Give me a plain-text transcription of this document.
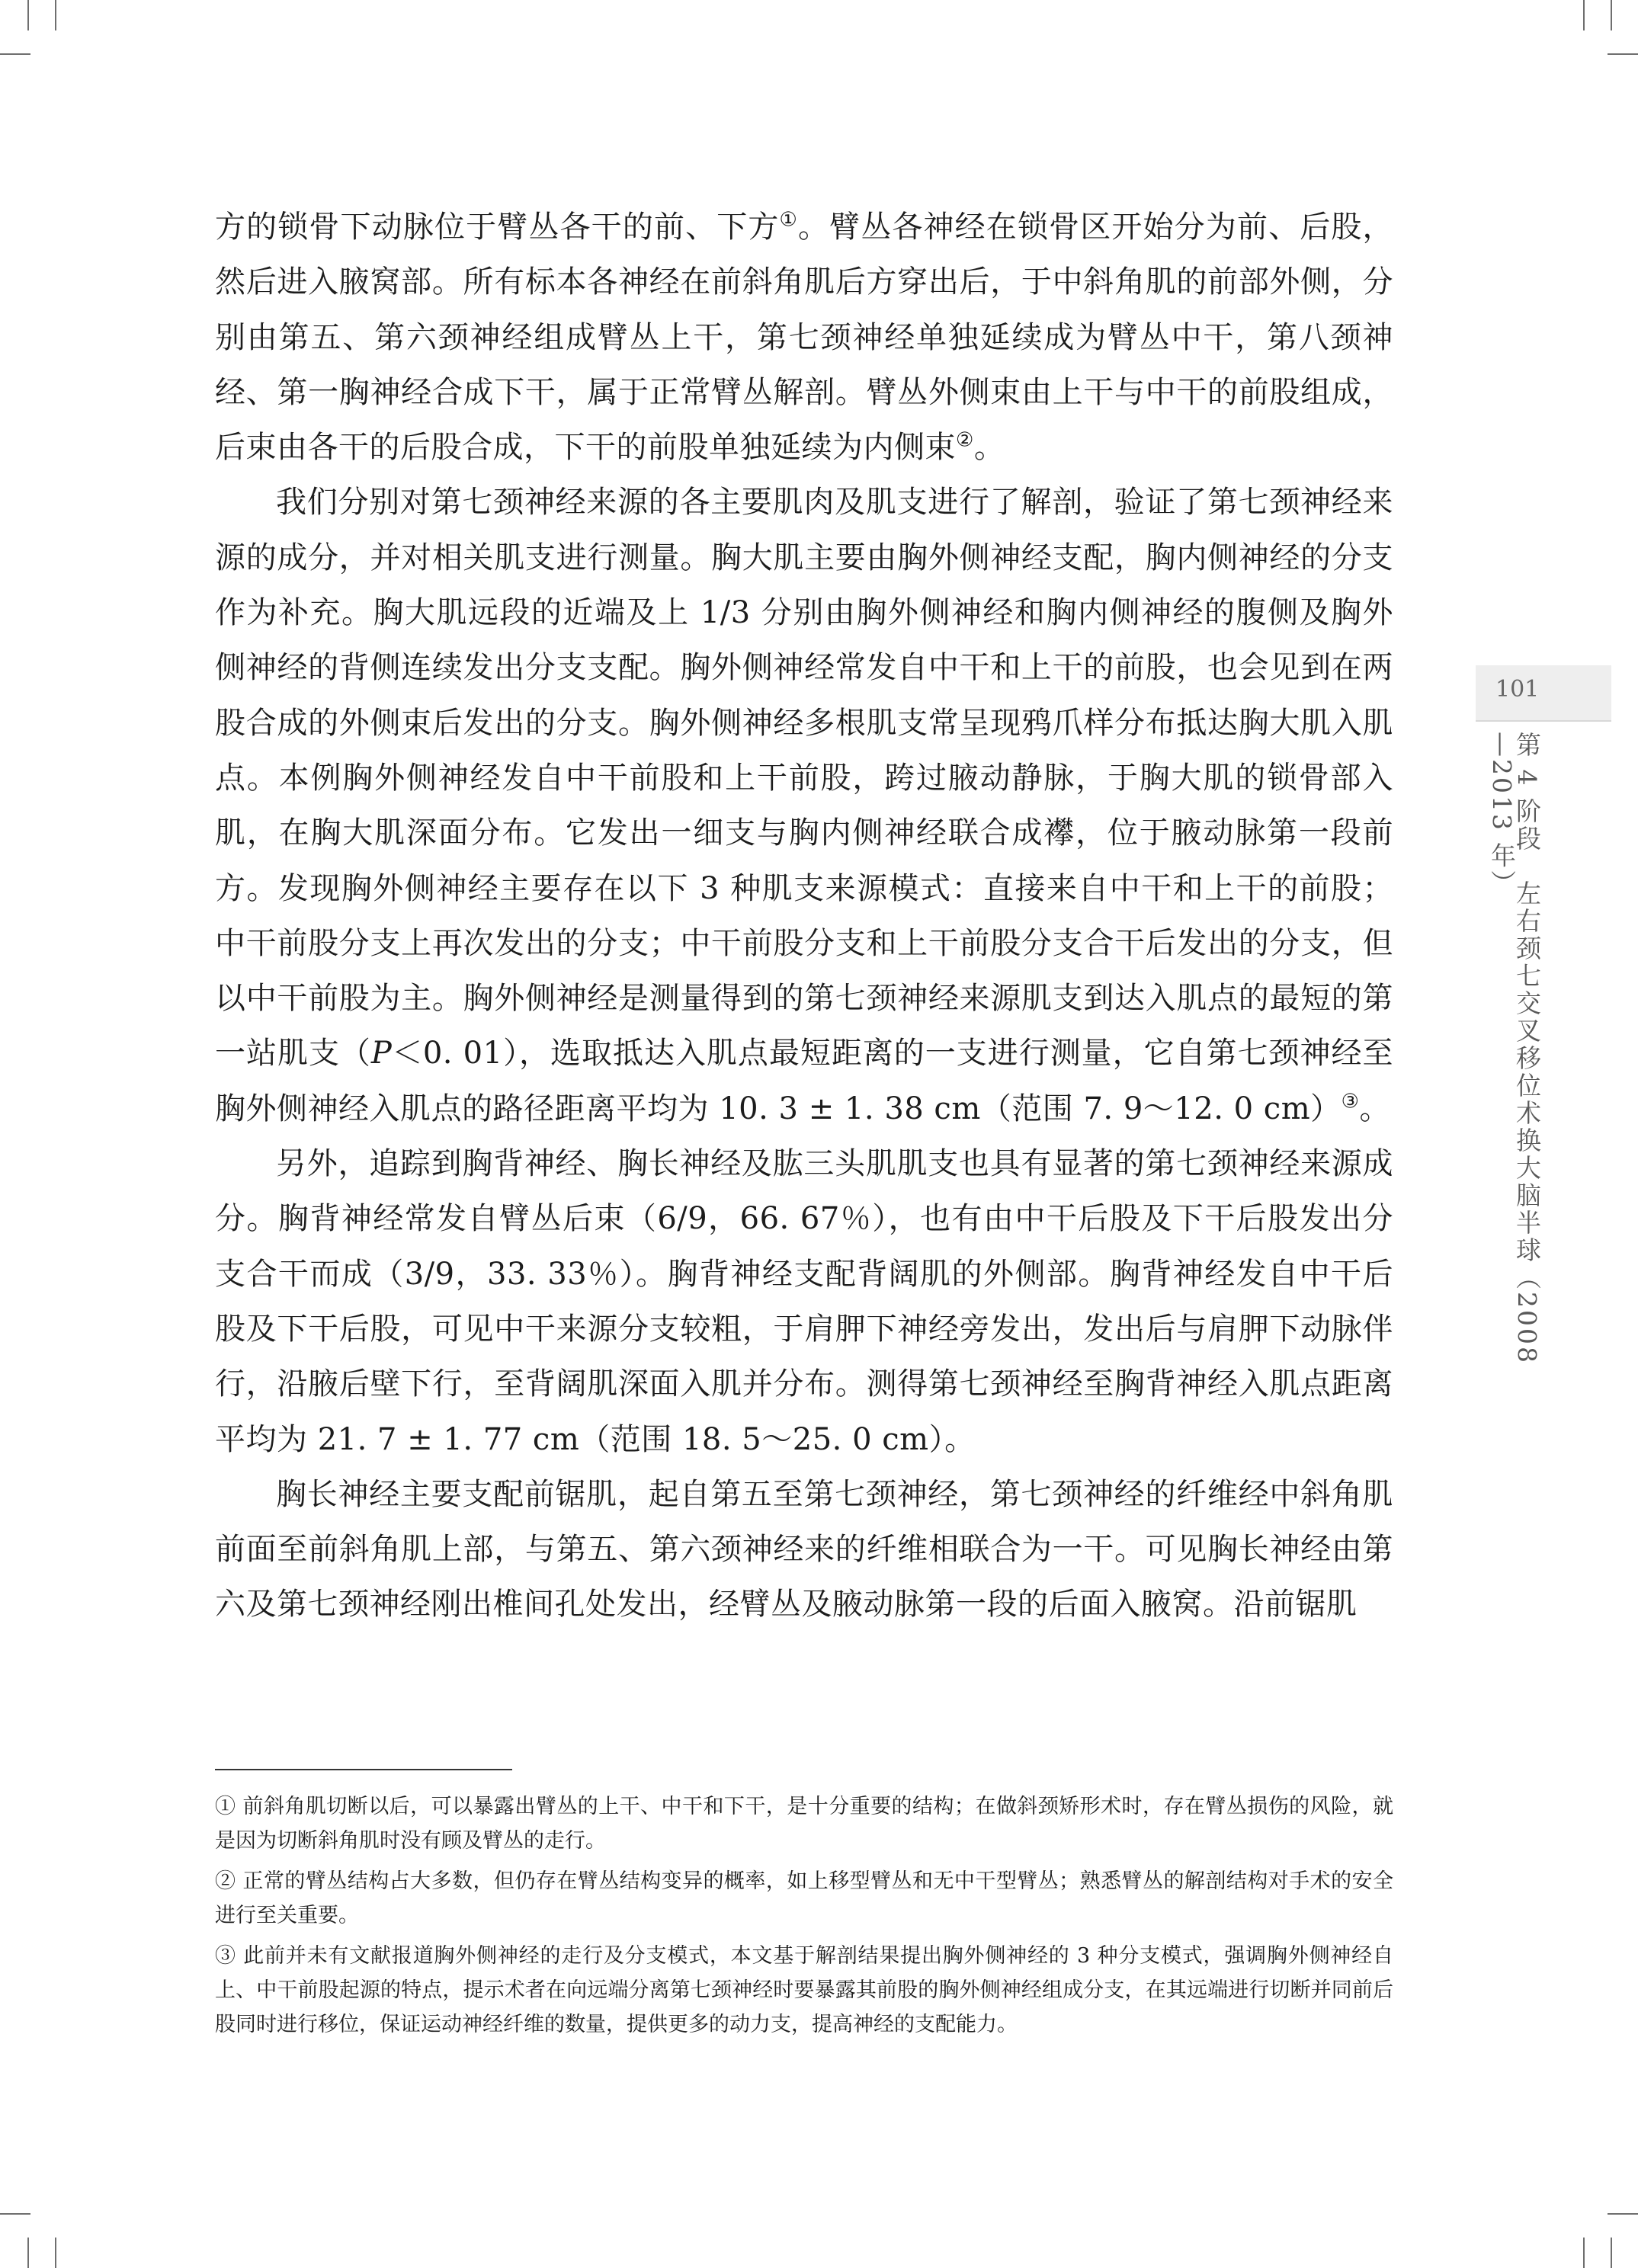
方的锁骨下动脉位于臂丛各干的前、下方①。臂丛各神经在锁骨区开始分为前、后股，然后进入腋窝部。所有标本各神经在前斜角肌后方穿出后，于中斜角肌的前部外侧，分别由第五、第六颈神经组成臂丛上干，第七颈神经单独延续成为臂丛中干，第八颈神经、第一胸神经合成下干，属于正常臂丛解剖。臂丛外侧束由上干与中干的前股组成，后束由各干的后股合成，下干的前股单独延续为内侧束②。

我们分别对第七颈神经来源的各主要肌肉及肌支进行了解剖，验证了第七颈神经来源的成分，并对相关肌支进行测量。胸大肌主要由胸外侧神经支配，胸内侧神经的分支作为补充。胸大肌远段的近端及上 1/3 分别由胸外侧神经和胸内侧神经的腹侧及胸外侧神经的背侧连续发出分支支配。胸外侧神经常发自中干和上干的前股，也会见到在两股合成的外侧束后发出的分支。胸外侧神经多根肌支常呈现鸦爪样分布抵达胸大肌入肌点。本例胸外侧神经发自中干前股和上干前股，跨过腋动静脉，于胸大肌的锁骨部入肌，在胸大肌深面分布。它发出一细支与胸内侧神经联合成襻，位于腋动脉第一段前方。发现胸外侧神经主要存在以下 3 种肌支来源模式：直接来自中干和上干的前股；中干前股分支上再次发出的分支；中干前股分支和上干前股分支合干后发出的分支，但以中干前股为主。胸外侧神经是测量得到的第七颈神经来源肌支到达入肌点的最短的第一站肌支（P＜0. 01），选取抵达入肌点最短距离的一支进行测量，它自第七颈神经至胸外侧神经入肌点的路径距离平均为 10. 3 ± 1. 38 cm（范围 7. 9～12. 0 cm）③。

另外，追踪到胸背神经、胸长神经及肱三头肌肌支也具有显著的第七颈神经来源成分。胸背神经常发自臂丛后束（6/9，66. 67％），也有由中干后股及下干后股发出分支合干而成（3/9，33. 33％）。胸背神经支配背阔肌的外侧部。胸背神经发自中干后股及下干后股，可见中干来源分支较粗，于肩胛下神经旁发出，发出后与肩胛下动脉伴行，沿腋后壁下行，至背阔肌深面入肌并分布。测得第七颈神经至胸背神经入肌点距离平均为 21. 7 ± 1. 77 cm（范围 18. 5～25. 0 cm）。

胸长神经主要支配前锯肌，起自第五至第七颈神经，第七颈神经的纤维经中斜角肌前面至前斜角肌上部，与第五、第六颈神经来的纤维相联合为一干。可见胸长神经由第六及第七颈神经刚出椎间孔处发出，经臂丛及腋动脉第一段的后面入腋窝。沿前锯肌

① 前斜角肌切断以后，可以暴露出臂丛的上干、中干和下干，是十分重要的结构；在做斜颈矫形术时，存在臂丛损伤的风险，就是因为切断斜角肌时没有顾及臂丛的走行。

② 正常的臂丛结构占大多数，但仍存在臂丛结构变异的概率，如上移型臂丛和无中干型臂丛；熟悉臂丛的解剖结构对手术的安全进行至关重要。

③ 此前并未有文献报道胸外侧神经的走行及分支模式，本文基于解剖结果提出胸外侧神经的 3 种分支模式，强调胸外侧神经自上、中干前股起源的特点，提示术者在向远端分离第七颈神经时要暴露其前股的胸外侧神经组成分支，在其远端进行切断并同前后股同时进行移位，保证运动神经纤维的数量，提供更多的动力支，提高神经的支配能力。

101
第 4 阶段左右颈七交叉移位术换大脑半球（2008—2013 年）
